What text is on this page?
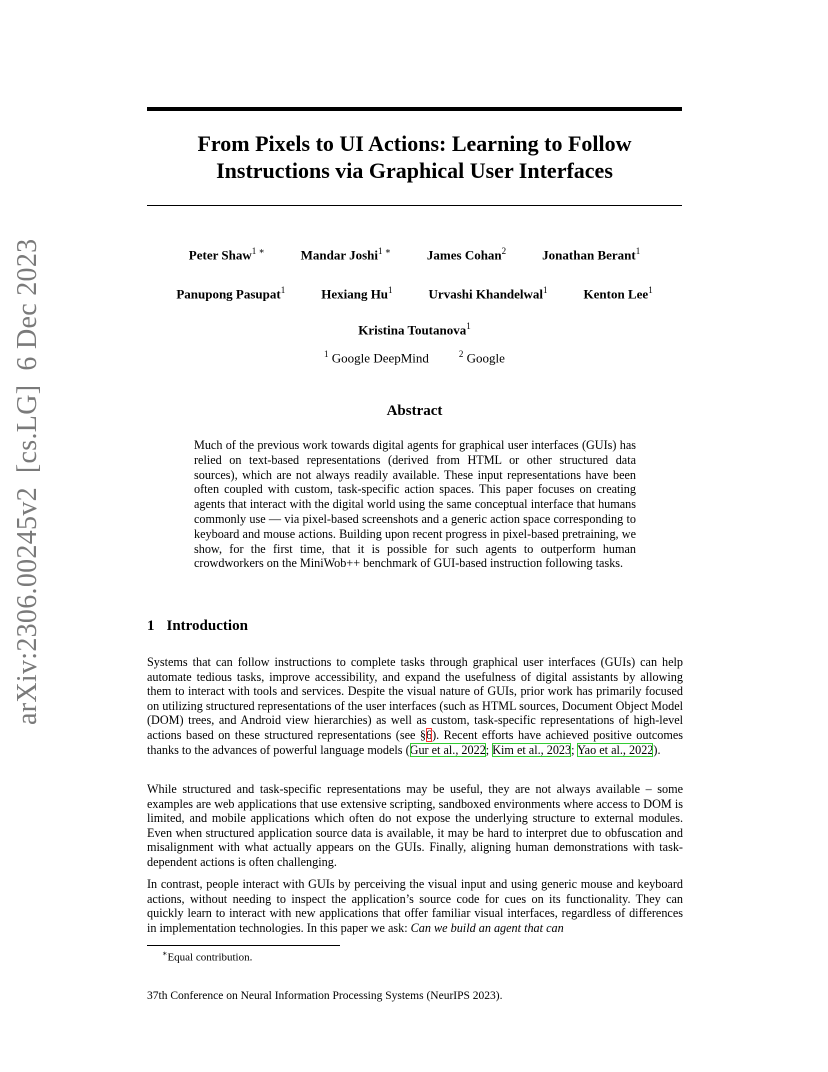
arXiv:2306.00245v2[cs.LG]6 Dec 2023
From Pixels to UI Actions: Learning to Follow
Instructions via Graphical User Interfaces
Peter Shaw$^{1 ∗}$	Mandar Joshi$^{1 ∗}$	James Cohan$^2$	Jonathan Berant$^1$
Panupong Pasupat$^1$	Hexiang Hu$^1$	Urvashi Khandelwal$^1$	Kenton Lee$^1$
Kristina Toutanova$^1$
$^1$ Google DeepMind	$^2$ Google
Abstract

Much of the previous work towards digital agents for graphical user interfaces (GUIs) has relied on text-based representations (derived from HTML or other structured data sources), which are not always readily available. These input representations have been often coupled with custom, task-specific action spaces. This paper focuses on creating agents that interact with the digital world using the same conceptual interface that humans commonly use — via pixel-based screenshots and a generic action space corresponding to keyboard and mouse actions. Building upon recent progress in pixel-based pretraining, we show, for the first time, that it is possible for such agents to outperform human crowdworkers on the MiniWob++ benchmark of GUI-based instruction following tasks.

1 Introduction

Systems that can follow instructions to complete tasks through graphical user interfaces (GUIs) can help automate tedious tasks, improve accessibility, and expand the usefulness of digital assistants by allowing them to interact with tools and services. Despite the visual nature of GUIs, prior work has primarily focused on utilizing structured representations of the user interfaces (such as HTML sources, Document Object Model (DOM) trees, and Android view hierarchies) as well as custom, task-specific representations of high-level actions based on these structured representations (see §6). Recent efforts have achieved positive outcomes thanks to the advances of powerful language models (Gur et al., 2022; Kim et al., 2023; Yao et al., 2022).

While structured and task-specific representations may be useful, they are not always available – some examples are web applications that use extensive scripting, sandboxed environments where access to DOM is limited, and mobile applications which often do not expose the underlying structure to external modules. Even when structured application source data is available, it may be hard to interpret due to obfuscation and misalignment with what actually appears on the GUIs. Finally, aligning human demonstrations with task-dependent actions is often challenging.

In contrast, people interact with GUIs by perceiving the visual input and using generic mouse and keyboard actions, without needing to inspect the application’s source code for cues on its functionality. They can quickly learn to interact with new applications that offer familiar visual interfaces, regardless of differences in implementation technologies. In this paper we ask: Can we build an agent that can

∗Equal contribution.
37th Conference on Neural Information Processing Systems (NeurIPS 2023).
